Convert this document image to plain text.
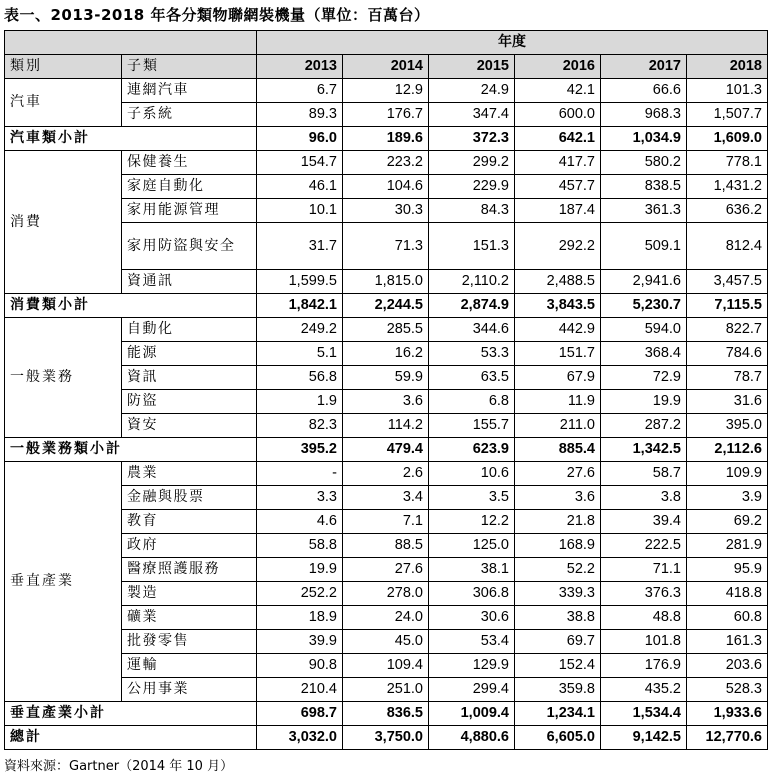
表一、2013-2018 年各分類物聯網裝機量（單位：百萬台）
		年度					
類別	子類	2013	2014	2015	2016	2017	2018
汽車	連網汽車	6.7	12.9	24.9	42.1	66.6	101.3
	子系統	89.3	176.7	347.4	600.0	968.3	1,507.7
汽車類小計		96.0	189.6	372.3	642.1	1,034.9	1,609.0
消費	保健養生	154.7	223.2	299.2	417.7	580.2	778.1
	家庭自動化	46.1	104.6	229.9	457.7	838.5	1,431.2
	家用能源管理	10.1	30.3	84.3	187.4	361.3	636.2
	家用防盜與安全	31.7	71.3	151.3	292.2	509.1	812.4
	資通訊	1,599.5	1,815.0	2,110.2	2,488.5	2,941.6	3,457.5
消費類小計		1,842.1	2,244.5	2,874.9	3,843.5	5,230.7	7,115.5
一般業務	自動化	249.2	285.5	344.6	442.9	594.0	822.7
	能源	5.1	16.2	53.3	151.7	368.4	784.6
	資訊	56.8	59.9	63.5	67.9	72.9	78.7
	防盜	1.9	3.6	6.8	11.9	19.9	31.6
	資安	82.3	114.2	155.7	211.0	287.2	395.0
一般業務類小計		395.2	479.4	623.9	885.4	1,342.5	2,112.6
垂直產業	農業	-	2.6	10.6	27.6	58.7	109.9
	金融與股票	3.3	3.4	3.5	3.6	3.8	3.9
	教育	4.6	7.1	12.2	21.8	39.4	69.2
	政府	58.8	88.5	125.0	168.9	222.5	281.9
	醫療照護服務	19.9	27.6	38.1	52.2	71.1	95.9
	製造	252.2	278.0	306.8	339.3	376.3	418.8
	礦業	18.9	24.0	30.6	38.8	48.8	60.8
	批發零售	39.9	45.0	53.4	69.7	101.8	161.3
	運輸	90.8	109.4	129.9	152.4	176.9	203.6
	公用事業	210.4	251.0	299.4	359.8	435.2	528.3
垂直產業小計		698.7	836.5	1,009.4	1,234.1	1,534.4	1,933.6
總計		3,032.0	3,750.0	4,880.6	6,605.0	9,142.5	12,770.6
資料來源：Gartner（2014 年 10 月）
